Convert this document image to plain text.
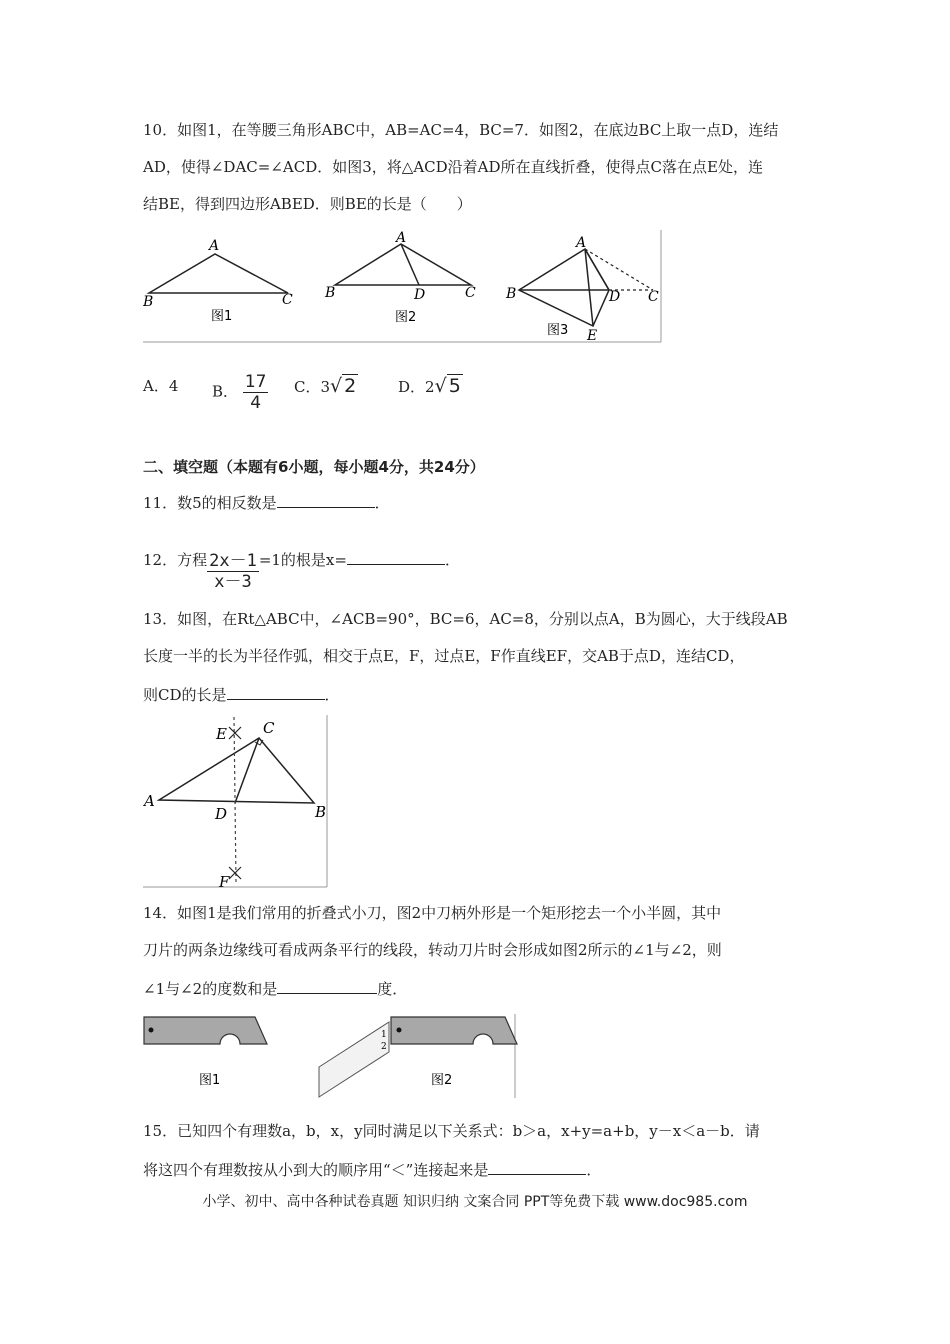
10．如图1，在等腰三角形ABC中，AB=AC=4，BC=7．如图2，在底边BC上取一点D，连结
AD，使得∠DAC=∠ACD．如图3，将△ACD沿着AD所在直线折叠，使得点C落在点E处，连
结BE，得到四边形ABED．则BE的长是（　　）
A
B	C
图1
A
B	D	C
图2
A
B	D C
E
图3
A．4 B． $\frac{17}{4}$ C．3√ 2	D．2√ 5
二、填空题（本题有6小题，每小题4分，共24分）
11．数5的相反数是	．
12．方程 $\frac{2x-1}{x-3} =1$的根是x=	．
13．如图，在Rt△ABC中，∠ACB=90°，BC=6，AC=8，分别以点A，B为圆心，大于线段AB
长度一半的长为半径作弧，相交于点E，F，过点E，F作直线EF，交AB于点D，连结CD，
则CD的长是	．
C
E
A
D	B
F
14．如图1是我们常用的折叠式小刀，图2中刀柄外形是一个矩形挖去一个小半圆，其中
刀片的两条边缘线可看成两条平行的线段，转动刀片时会形成如图2所示的∠1与∠2，则
∠1与∠2的度数和是	度．
图1
1
2
图2
15．已知四个有理数a，b，x，y同时满足以下关系式：b＞a，x+y=a+b，y－x＜a－b．请
将这四个有理数按从小到大的顺序用“＜”连接起来是	．
小学、初中、高中各种试卷真题 知识归纳 文案合同 PPT等免费下载 www.doc985.com
